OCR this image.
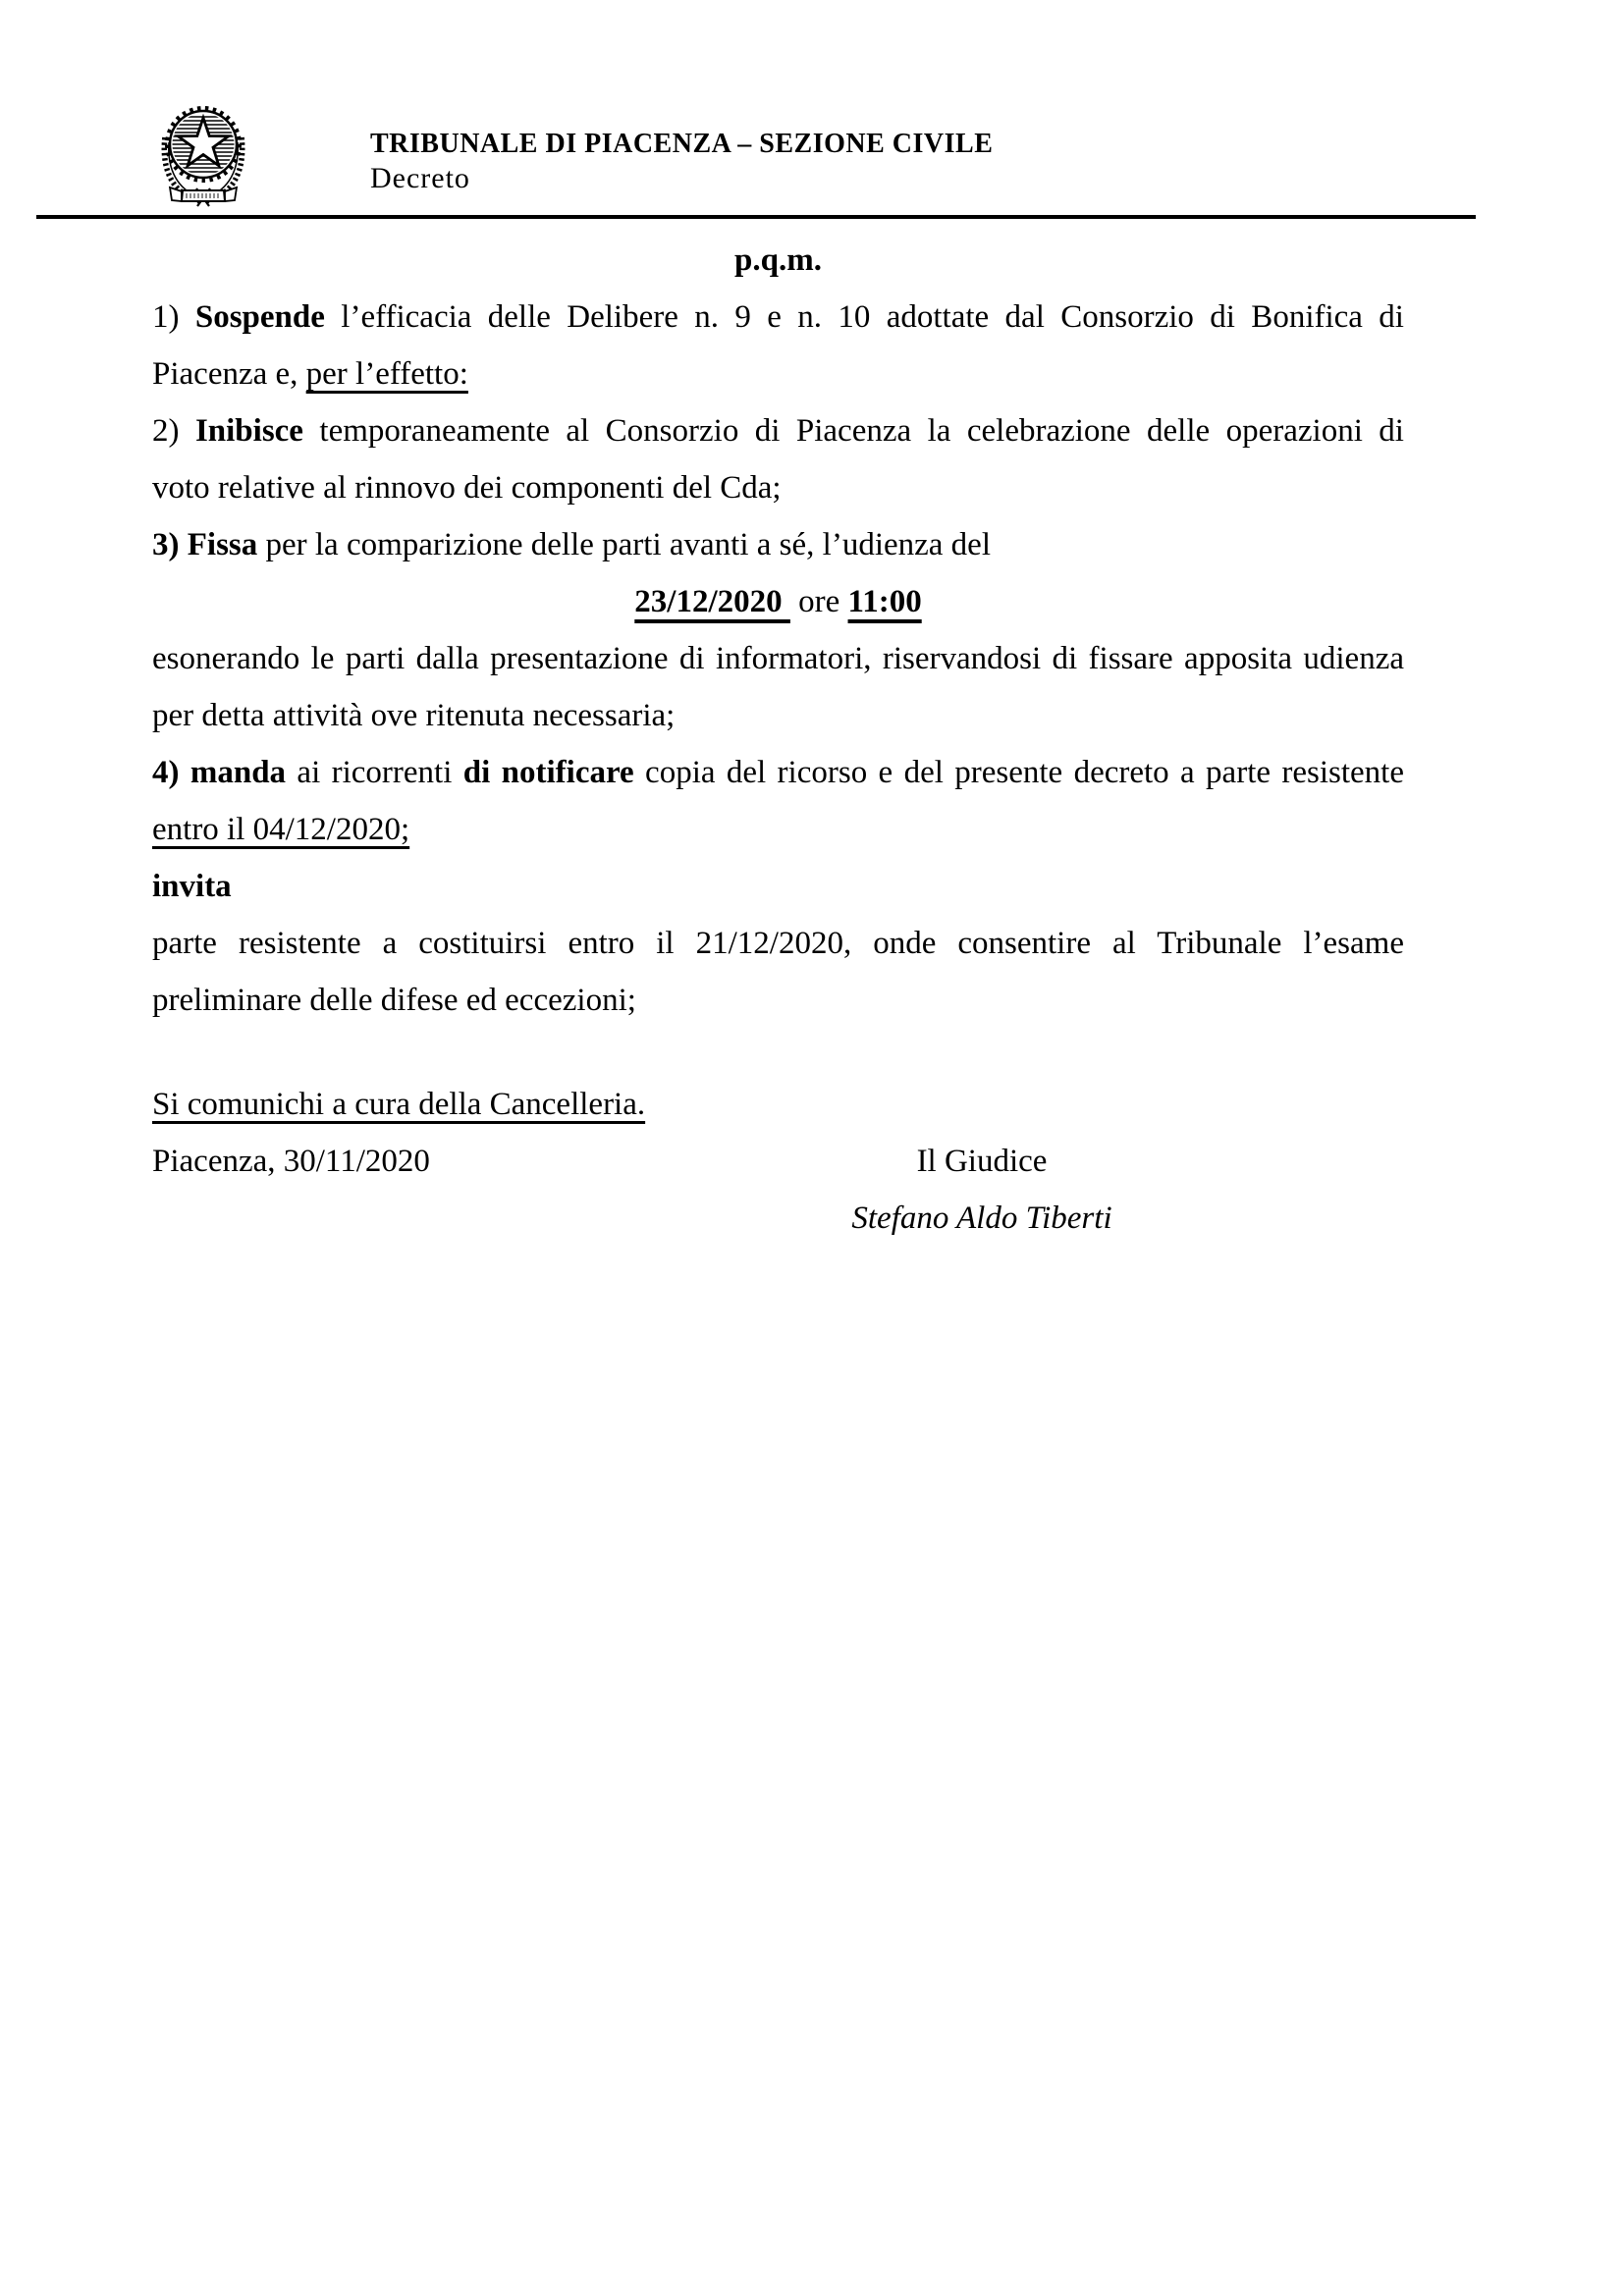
TRIBUNALE DI PIACENZA – SEZIONE CIVILE
Decreto
p.q.m.
1) Sospende l’efficacia delle Delibere n. 9 e n. 10 adottate dal Consorzio di Bonifica di
Piacenza e, per l’effetto:
2) Inibisce temporaneamente al Consorzio di Piacenza la celebrazione delle operazioni di
voto relative al rinnovo dei componenti del Cda;
3) Fissa per la comparizione delle parti avanti a sé, l’udienza del
23/12/2020  ore 11:00
esonerando le parti dalla presentazione di informatori, riservandosi di fissare apposita udienza
per detta attività ove ritenuta necessaria;
4) manda ai ricorrenti di notificare copia del ricorso e del presente decreto a parte resistente
entro il 04/12/2020;
invita
parte resistente a costituirsi entro il 21/12/2020, onde consentire al Tribunale l’esame
preliminare delle difese ed eccezioni;
Si comunichi a cura della Cancelleria.
Piacenza, 30/11/2020	Il Giudice
Stefano Aldo Tiberti
